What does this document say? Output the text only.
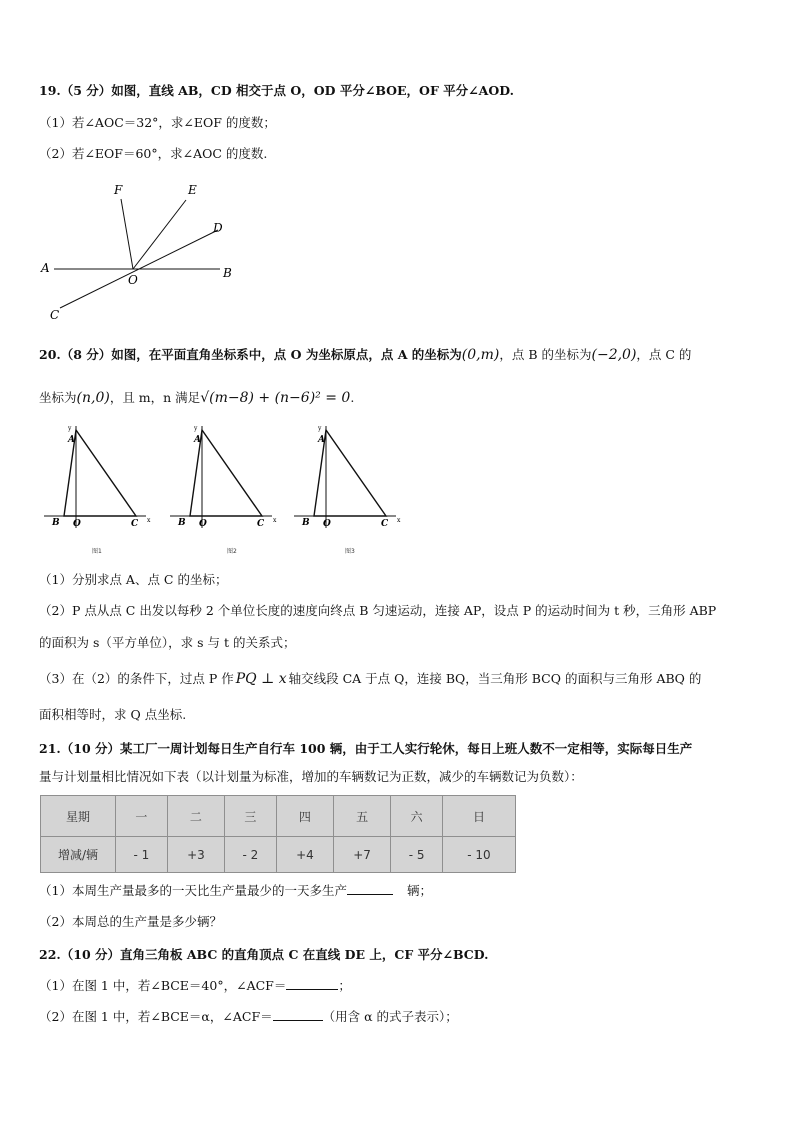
19.（5 分）如图，直线 AB，CD 相交于点 O，OD 平分∠BOE，OF 平分∠AOD.
（1）若∠AOC＝32°，求∠EOF 的度数；
（2）若∠EOF＝60°，求∠AOC 的度数.
F	E
D
A
O	B
C
20.（8 分）如图，在平面直角坐标系中，点 O 为坐标原点，点 A 的坐标为(0,m)，点 B 的坐标为(−2,0)，点 C 的
坐标为(n,0)，且 m，n 满足√(m−8) + (n−6)² = 0.
y
A
B O	C x
y
A
B O	C x
y
A
B O	C x
图1	图2	图3
（1）分别求点 A、点 C 的坐标；
（2）P 点从点 C 出发以每秒 2 个单位长度的速度向终点 B 匀速运动，连接 AP，设点 P 的运动时间为 t 秒，三角形 ABP
的面积为 s（平方单位），求 s 与 t 的关系式；
（3）在（2）的条件下，过点 P 作 PQ ⊥ x 轴交线段 CA 于点 Q，连接 BQ，当三角形 BCQ 的面积与三角形 ABQ 的
面积相等时，求 Q 点坐标.
21.（10 分）某工厂一周计划每日生产自行车 100 辆，由于工人实行轮休，每日上班人数不一定相等，实际每日生产
量与计划量相比情况如下表（以计划量为标准，增加的车辆数记为正数，减少的车辆数记为负数）：
星期	一	二	三	四	五	六	日
增减/辆	- 1	+3	- 2	+4	+7	- 5	- 10
（1）本周生产量最多的一天比生产量最少的一天多生产	辆；
（2）本周总的生产量是多少辆？
22.（10 分）直角三角板 ABC 的直角顶点 C 在直线 DE 上，CF 平分∠BCD.
（1）在图 1 中，若∠BCE＝40°，∠ACF＝	；
（2）在图 1 中，若∠BCE＝α，∠ACF＝	（用含 α 的式子表示）；
